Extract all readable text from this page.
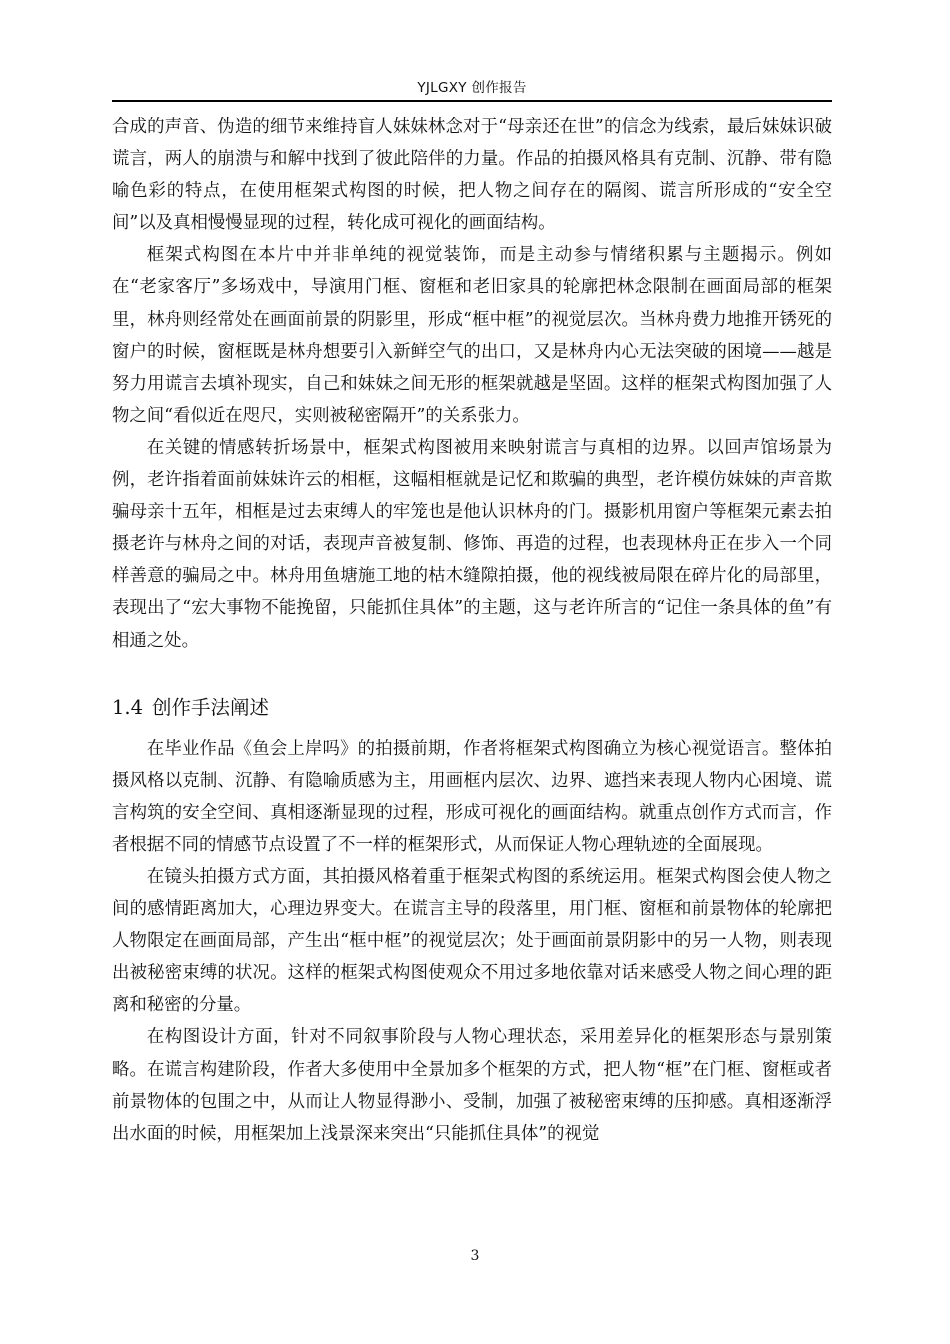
YJLGXY 创作报告

合成的声音、伪造的细节来维持盲人妹妹林念对于“母亲还在世”的信念为线索，最后妹妹识破谎言，两人的崩溃与和解中找到了彼此陪伴的力量。作品的拍摄风格具有克制、沉静、带有隐喻色彩的特点，在使用框架式构图的时候，把人物之间存在的隔阂、谎言所形成的“安全空间”以及真相慢慢显现的过程，转化成可视化的画面结构。

框架式构图在本片中并非单纯的视觉装饰，而是主动参与情绪积累与主题揭示。例如在“老家客厅”多场戏中，导演用门框、窗框和老旧家具的轮廓把林念限制在画面局部的框架里，林舟则经常处在画面前景的阴影里，形成“框中框”的视觉层次。当林舟费力地推开锈死的窗户的时候，窗框既是林舟想要引入新鲜空气的出口，又是林舟内心无法突破的困境——越是努力用谎言去填补现实，自己和妹妹之间无形的框架就越是坚固。这样的框架式构图加强了人物之间“看似近在咫尺，实则被秘密隔开”的关系张力。

在关键的情感转折场景中，框架式构图被用来映射谎言与真相的边界。以回声馆场景为例，老许指着面前妹妹许云的相框，这幅相框就是记忆和欺骗的典型，老许模仿妹妹的声音欺骗母亲十五年，相框是过去束缚人的牢笼也是他认识林舟的门。摄影机用窗户等框架元素去拍摄老许与林舟之间的对话，表现声音被复制、修饰、再造的过程，也表现林舟正在步入一个同样善意的骗局之中。林舟用鱼塘施工地的枯木缝隙拍摄，他的视线被局限在碎片化的局部里，表现出了“宏大事物不能挽留，只能抓住具体”的主题，这与老许所言的“记住一条具体的鱼”有相通之处。

1.4 创作手法阐述

在毕业作品《鱼会上岸吗》的拍摄前期，作者将框架式构图确立为核心视觉语言。整体拍摄风格以克制、沉静、有隐喻质感为主，用画框内层次、边界、遮挡来表现人物内心困境、谎言构筑的安全空间、真相逐渐显现的过程，形成可视化的画面结构。就重点创作方式而言，作者根据不同的情感节点设置了不一样的框架形式，从而保证人物心理轨迹的全面展现。

在镜头拍摄方式方面，其拍摄风格着重于框架式构图的系统运用。框架式构图会使人物之间的感情距离加大，心理边界变大。在谎言主导的段落里，用门框、窗框和前景物体的轮廓把人物限定在画面局部，产生出“框中框”的视觉层次；处于画面前景阴影中的另一人物，则表现出被秘密束缚的状况。这样的框架式构图使观众不用过多地依靠对话来感受人物之间心理的距离和秘密的分量。

在构图设计方面，针对不同叙事阶段与人物心理状态，采用差异化的框架形态与景别策略。在谎言构建阶段，作者大多使用中全景加多个框架的方式，把人物“框”在门框、窗框或者前景物体的包围之中，从而让人物显得渺小、受制，加强了被秘密束缚的压抑感。真相逐渐浮出水面的时候，用框架加上浅景深来突出“只能抓住具体”的视觉

3
